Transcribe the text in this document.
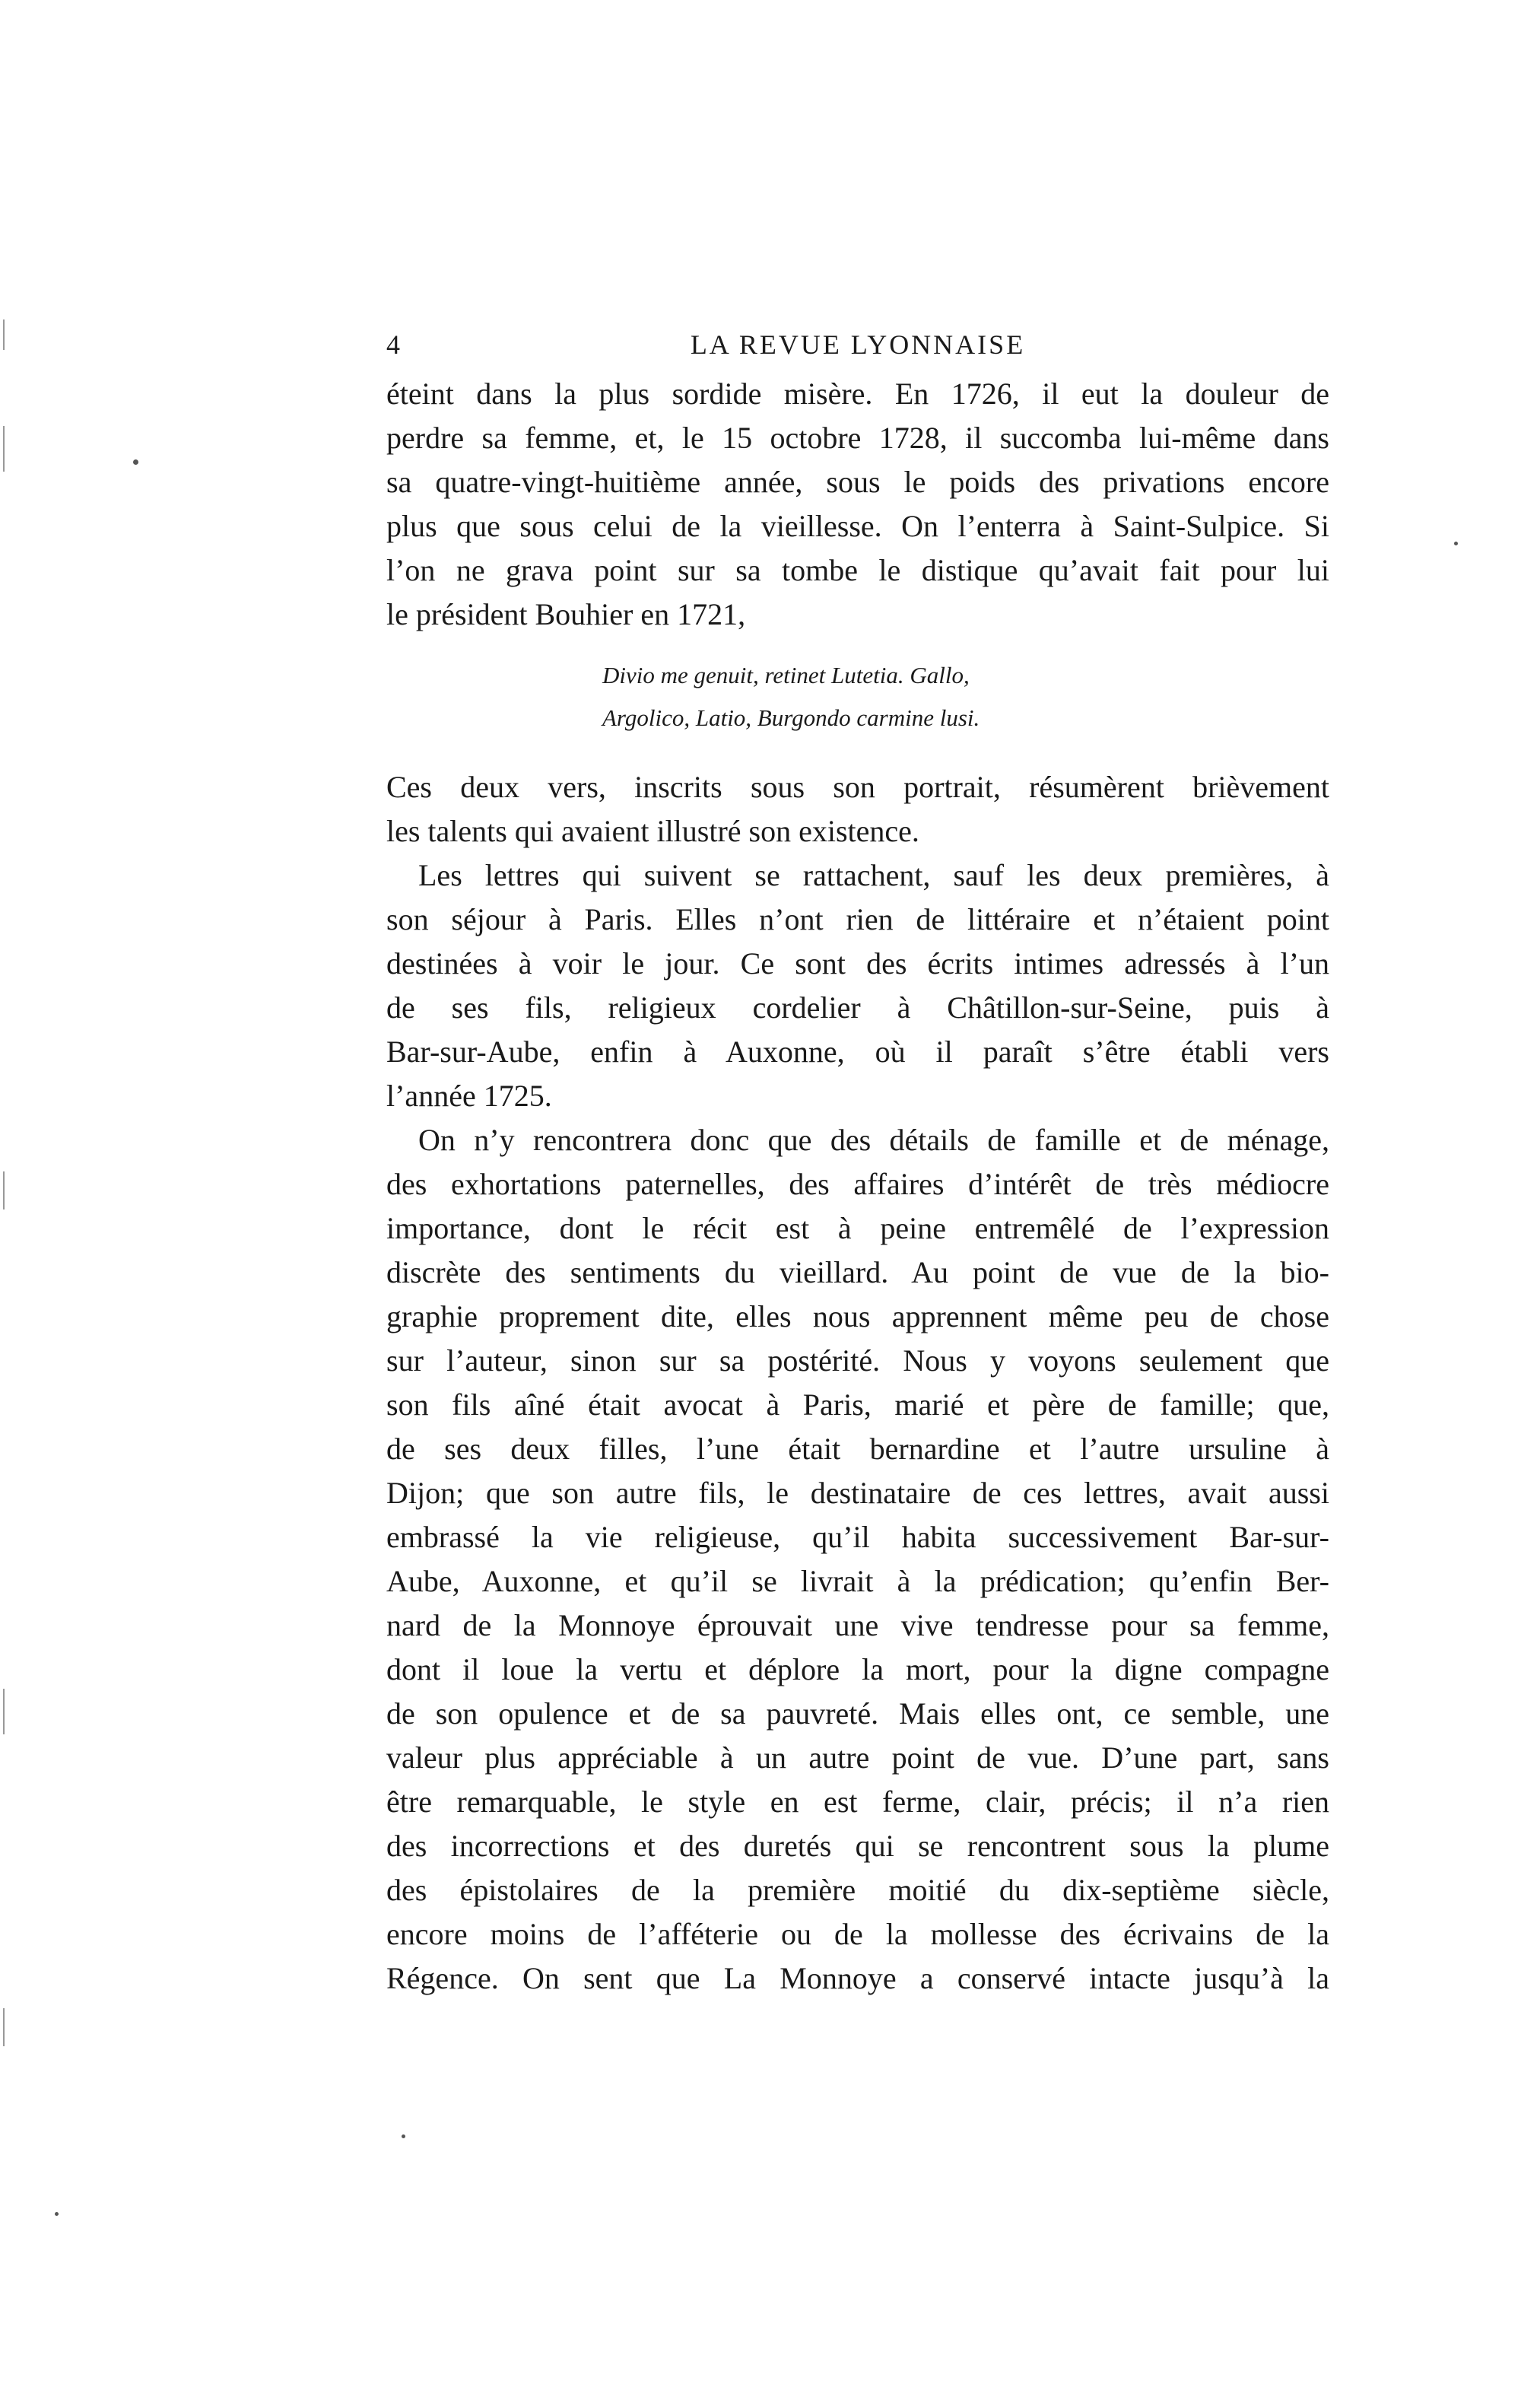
4	LA REVUE LYONNAISE
éteint dans la plus sordide misère. En 1726, il eut la douleur de
perdre sa femme, et, le 15 octobre 1728, il succomba lui-même dans
sa quatre-vingt-huitième année, sous le poids des privations encore
plus que sous celui de la vieillesse. On l’enterra à Saint-Sulpice. Si
l’on ne grava point sur sa tombe le distique qu’avait fait pour lui
le président Bouhier en 1721,
Divio me genuit, retinet Lutetia. Gallo,
Argolico, Latio, Burgondo carmine lusi.
Ces deux vers, inscrits sous son portrait, résumèrent brièvement
les talents qui avaient illustré son existence.
Les lettres qui suivent se rattachent, sauf les deux premières, à
son séjour à Paris. Elles n’ont rien de littéraire et n’étaient point
destinées à voir le jour. Ce sont des écrits intimes adressés à l’un
de ses fils, religieux cordelier à Châtillon-sur-Seine, puis à
Bar-sur-Aube, enfin à Auxonne, où il paraît s’être établi vers
l’année 1725.
On n’y rencontrera donc que des détails de famille et de ménage,
des exhortations paternelles, des affaires d’intérêt de très médiocre
importance, dont le récit est à peine entremêlé de l’expression
discrète des sentiments du vieillard. Au point de vue de la bio-
graphie proprement dite, elles nous apprennent même peu de chose
sur l’auteur, sinon sur sa postérité. Nous y voyons seulement que
son fils aîné était avocat à Paris, marié et père de famille; que,
de ses deux filles, l’une était bernardine et l’autre ursuline à
Dijon; que son autre fils, le destinataire de ces lettres, avait aussi
embrassé la vie religieuse, qu’il habita successivement Bar-sur-
Aube, Auxonne, et qu’il se livrait à la prédication; qu’enfin Ber-
nard de la Monnoye éprouvait une vive tendresse pour sa femme,
dont il loue la vertu et déplore la mort, pour la digne compagne
de son opulence et de sa pauvreté. Mais elles ont, ce semble, une
valeur plus appréciable à un autre point de vue. D’une part, sans
être remarquable, le style en est ferme, clair, précis; il n’a rien
des incorrections et des duretés qui se rencontrent sous la plume
des épistolaires de la première moitié du dix-septième siècle,
encore moins de l’afféterie ou de la mollesse des écrivains de la
Régence. On sent que La Monnoye a conservé intacte jusqu’à la
